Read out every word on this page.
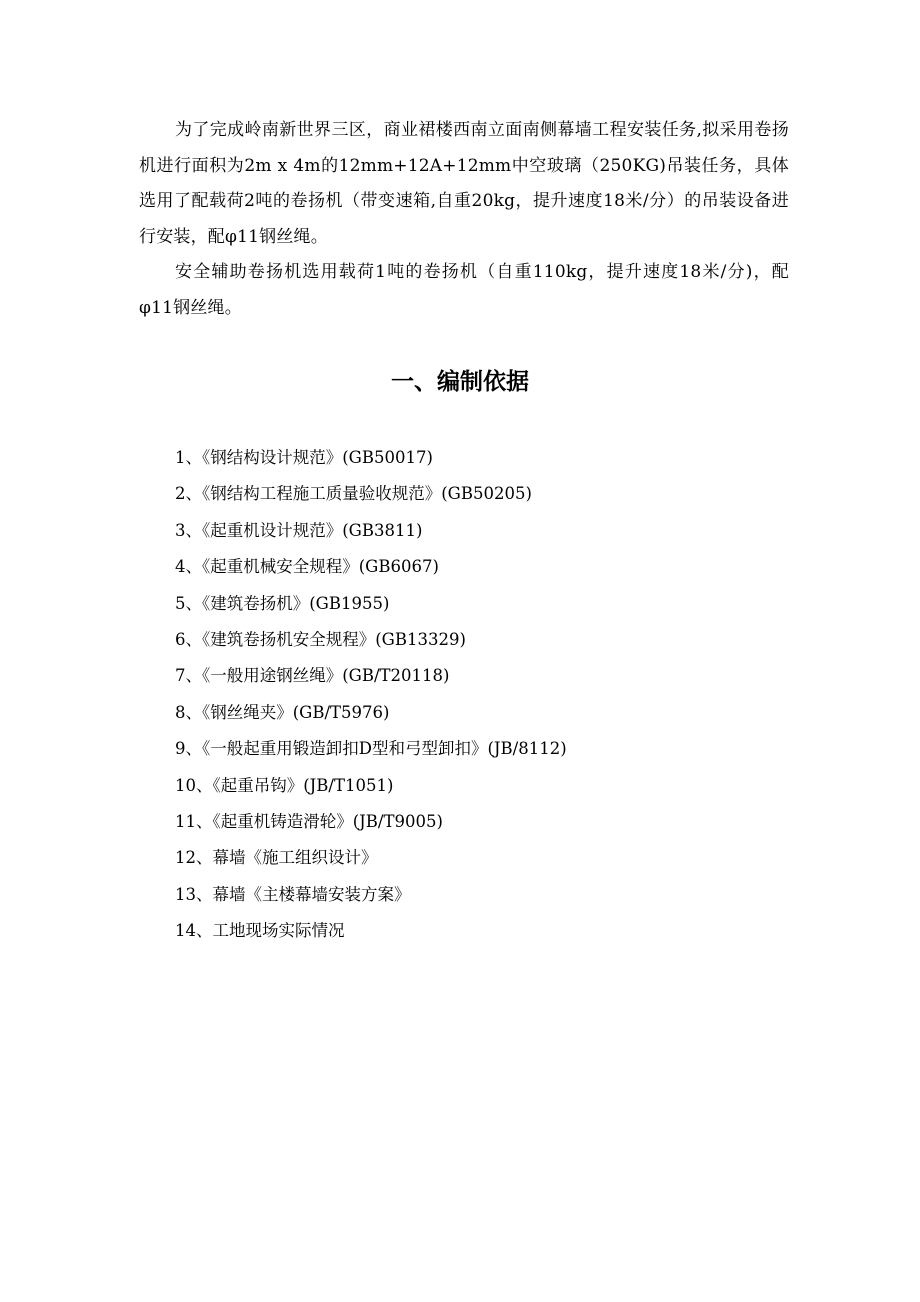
为了完成岭南新世界三区，商业裙楼西南立面南侧幕墙工程安装任务,拟采用卷扬机进行面积为2m x 4m的12mm+12A+12mm中空玻璃（250KG)吊装任务，具体选用了配载荷2吨的卷扬机（带变速箱,自重20kg，提升速度18米/分）的吊装设备进行安装，配φ11钢丝绳。

安全辅助卷扬机选用载荷1吨的卷扬机（自重110kg，提升速度18米/分)，配φ11钢丝绳。

一、编制依据
1、《钢结构设计规范》(GB50017)
2、《钢结构工程施工质量验收规范》(GB50205)
3、《起重机设计规范》(GB3811)
4、《起重机械安全规程》(GB6067)
5、《建筑卷扬机》(GB1955)
6、《建筑卷扬机安全规程》(GB13329)
7、《一般用途钢丝绳》(GB/T20118)
8、《钢丝绳夹》(GB/T5976)
9、《一般起重用锻造卸扣D型和弓型卸扣》(JB/8112)
10、《起重吊钩》(JB/T1051)
11、《起重机铸造滑轮》(JB/T9005)
12、幕墙《施工组织设计》
13、幕墙《主楼幕墙安装方案》
14、工地现场实际情况
